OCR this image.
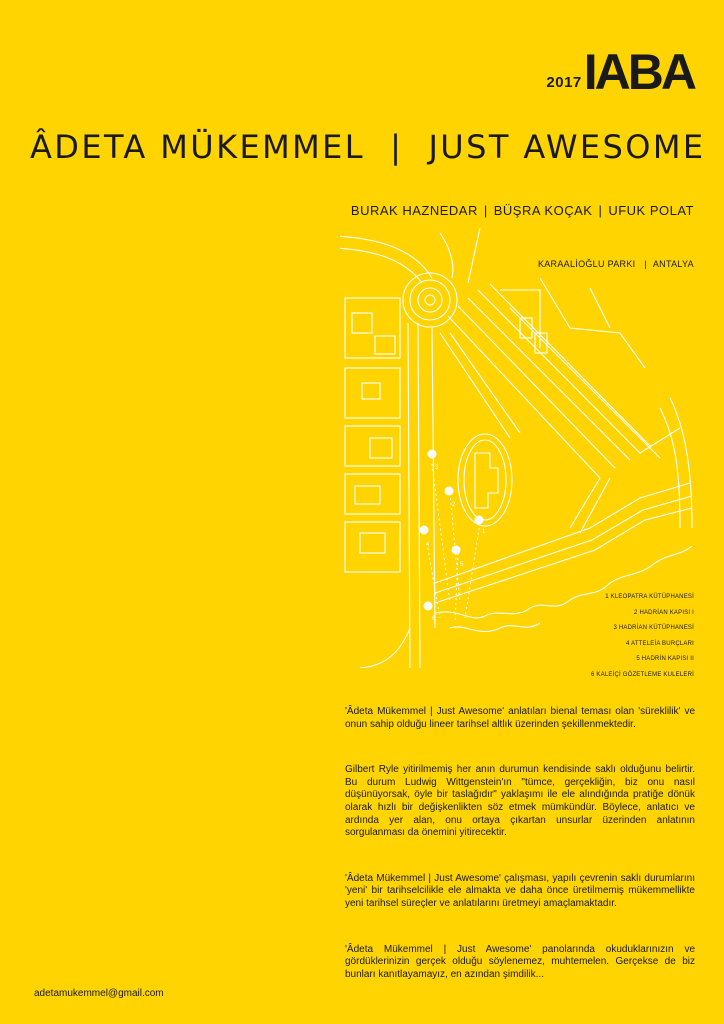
2017 IABA
ÂDETA MÜKEMMEL  |  JUST AWESOME
BURAK HAZNEDAR | BÜŞRA KOÇAK | UFUK POLAT
KARAALİOĞLU PARKI | ANTALYA
3
2
1
4
5
6
1 KLEOPATRA KÜTÜPHANESİ
2 HADRİAN KAPISI I
3 HADRİAN KÜTÜPHANESİ
4 ATTELEİA BURÇLARI
5 HADRİN KAPISI II
6 KALEİÇİ GÖZETLEME KULELERİ

'Âdeta Mükemmel | Just Awesome' anlatıları bienal teması olan 'süreklilik' ve onun sahip olduğu lineer tarihsel altlık üzerinden şekillenmektedir.

Gilbert Ryle yitirilmemiş her anın durumun kendisinde saklı olduğunu belirtir. Bu durum Ludwig Wittgenstein'ın "tümce, gerçekliğin, biz onu nasıl düşünüyorsak, öyle bir taslağıdır" yaklaşımı ile ele alındığında pratiğe dönük olarak hızlı bir değişkenlikten söz etmek mümkündür. Böylece, anlatıcı ve ardında yer alan, onu ortaya çıkartan unsurlar üzerinden anlatının sorgulanması da önemini yitirecektir.

'Âdeta Mükemmel | Just Awesome' çalışması, yapılı çevrenin saklı durumlarını 'yeni' bir tarihselcilikle ele almakta ve daha önce üretilmemiş mükemmellikte yeni tarihsel süreçler ve anlatılarını üretmeyi amaçlamaktadır.

'Âdeta Mükemmel | Just Awesome' panolarında okuduklarınızın ve gördüklerinizin gerçek olduğu söylenemez, muhtemelen. Gerçekse de biz bunları kanıtlayamayız, en azından şimdilik...

adetamukemmel@gmail.com
